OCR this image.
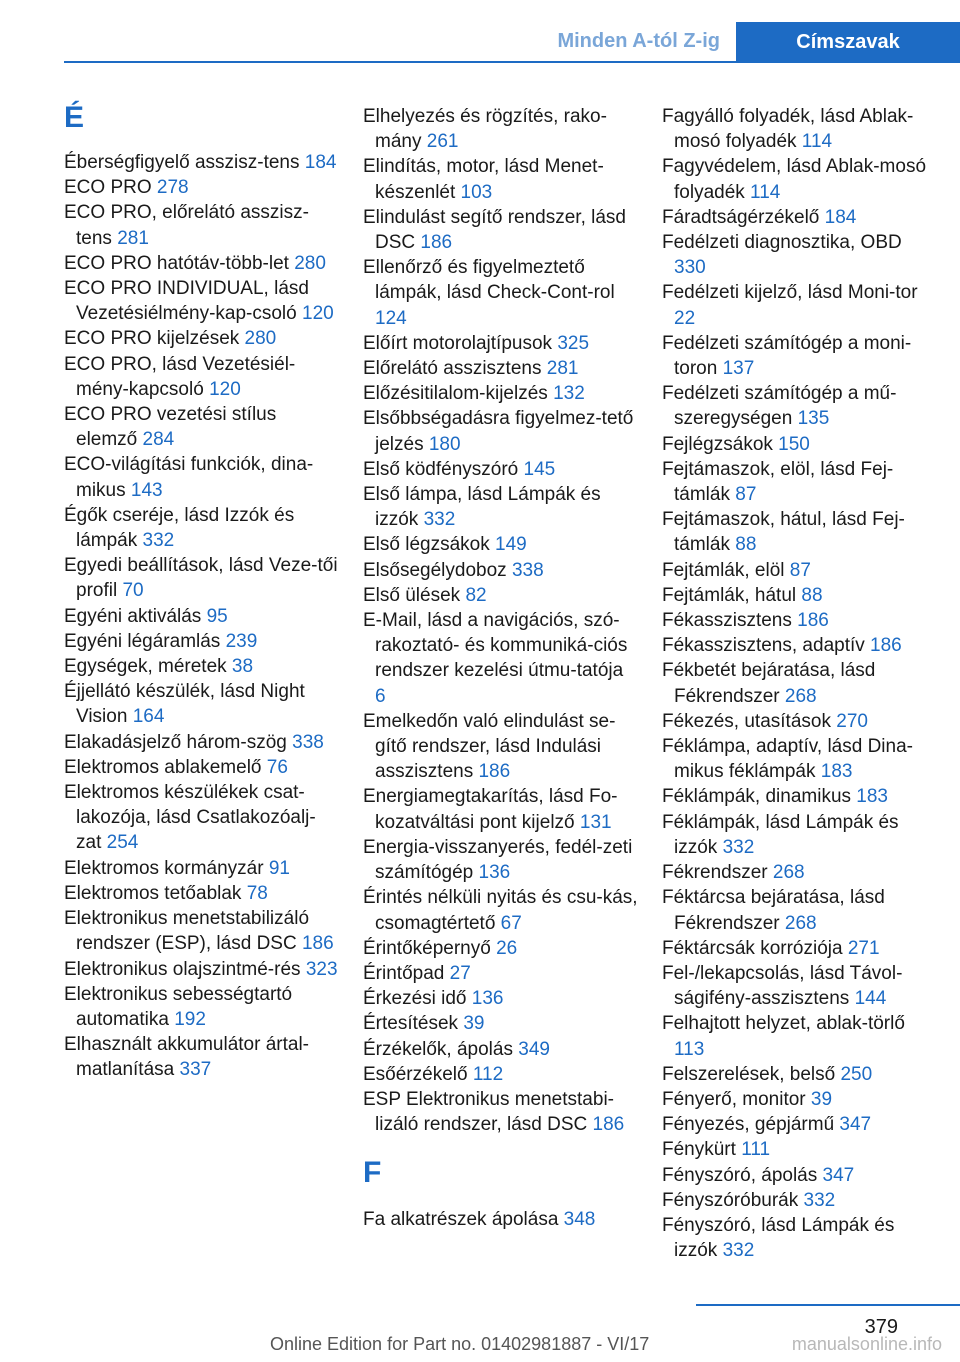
Minden A-tól Z-ig	Címszavak
É
Éberségfigyelő asszisz-tens 184
ECO PRO 278
ECO PRO, előrelátó asszisz-tens 281
ECO PRO hatótáv-több-let 280
ECO PRO INDIVIDUAL, lásd Vezetésiélmény-kap-csoló 120
ECO PRO kijelzések 280
ECO PRO, lásd Vezetésiél-mény-kapcsoló 120
ECO PRO vezetési stílus elemző 284
ECO-világítási funkciók, dina-mikus 143
Égők cseréje, lásd Izzók és lámpák 332
Egyedi beállítások, lásd Veze-tői profil 70
Egyéni aktiválás 95
Egyéni légáramlás 239
Egységek, méretek 38
Éjjellátó készülék, lásd Night Vision 164
Elakadásjelző három-szög 338
Elektromos ablakemelő 76
Elektromos készülékek csat-lakozója, lásd Csatlakozóalj-zat 254
Elektromos kormányzár 91
Elektromos tetőablak 78
Elektronikus menetstabilizáló rendszer (ESP), lásd DSC 186
Elektronikus olajszintmé-rés 323
Elektronikus sebességtartó automatika 192
Elhasznált akkumulátor ártal-matlanítása 337
Elhelyezés és rögzítés, rako-mány 261
Elindítás, motor, lásd Menet-készenlét 103
Elindulást segítő rendszer, lásd DSC 186
Ellenőrző és figyelmeztető lámpák, lásd Check-Cont-rol 124
Előírt motorolajtípusok 325
Előrelátó asszisztens 281
Előzésitilalom-kijelzés 132
Elsőbbségadásra figyelmez-tető jelzés 180
Első ködfényszóró 145
Első lámpa, lásd Lámpák és izzók 332
Első légzsákok 149
Elsősegélydoboz 338
Első ülések 82
E-Mail, lásd a navigációs, szó-rakoztató- és kommuniká-ciós rendszer kezelési útmu-tatója 6
Emelkedőn való elindulást se-gítő rendszer, lásd Indulási asszisztens 186
Energiamegtakarítás, lásd Fo-kozatváltási pont kijelző 131
Energia-visszanyerés, fedél-zeti számítógép 136
Érintés nélküli nyitás és csu-kás, csomagtértető 67
Érintőképernyő 26
Érintőpad 27
Érkezési idő 136
Értesítések 39
Érzékelők, ápolás 349
Esőérzékelő 112
ESP Elektronikus menetstabi-lizáló rendszer, lásd DSC 186
F
Fa alkatrészek ápolása 348
Fagyálló folyadék, lásd Ablak-mosó folyadék 114
Fagyvédelem, lásd Ablak-mosó folyadék 114
Fáradtságérzékelő 184
Fedélzeti diagnosztika, OBD 330
Fedélzeti kijelző, lásd Moni-tor 22
Fedélzeti számítógép a moni-toron 137
Fedélzeti számítógép a mű-szeregységen 135
Fejlégzsákok 150
Fejtámaszok, elöl, lásd Fej-támlák 87
Fejtámaszok, hátul, lásd Fej-támlák 88
Fejtámlák, elöl 87
Fejtámlák, hátul 88
Fékasszisztens 186
Fékasszisztens, adaptív 186
Fékbetét bejáratása, lásd Fékrendszer 268
Fékezés, utasítások 270
Féklámpa, adaptív, lásd Dina-mikus féklámpák 183
Féklámpák, dinamikus 183
Féklámpák, lásd Lámpák és izzók 332
Fékrendszer 268
Féktárcsa bejáratása, lásd Fékrendszer 268
Féktárcsák korróziója 271
Fel-/lekapcsolás, lásd Távol-ságifény-asszisztens 144
Felhajtott helyzet, ablak-törlő 113
Felszerelések, belső 250
Fényerő, monitor 39
Fényezés, gépjármű 347
Fénykürt 111
Fényszóró, ápolás 347
Fényszóróburák 332
Fényszóró, lásd Lámpák és izzók 332
379
Online Edition for Part no. 01402981887 - VI/17	manualsonline.info
